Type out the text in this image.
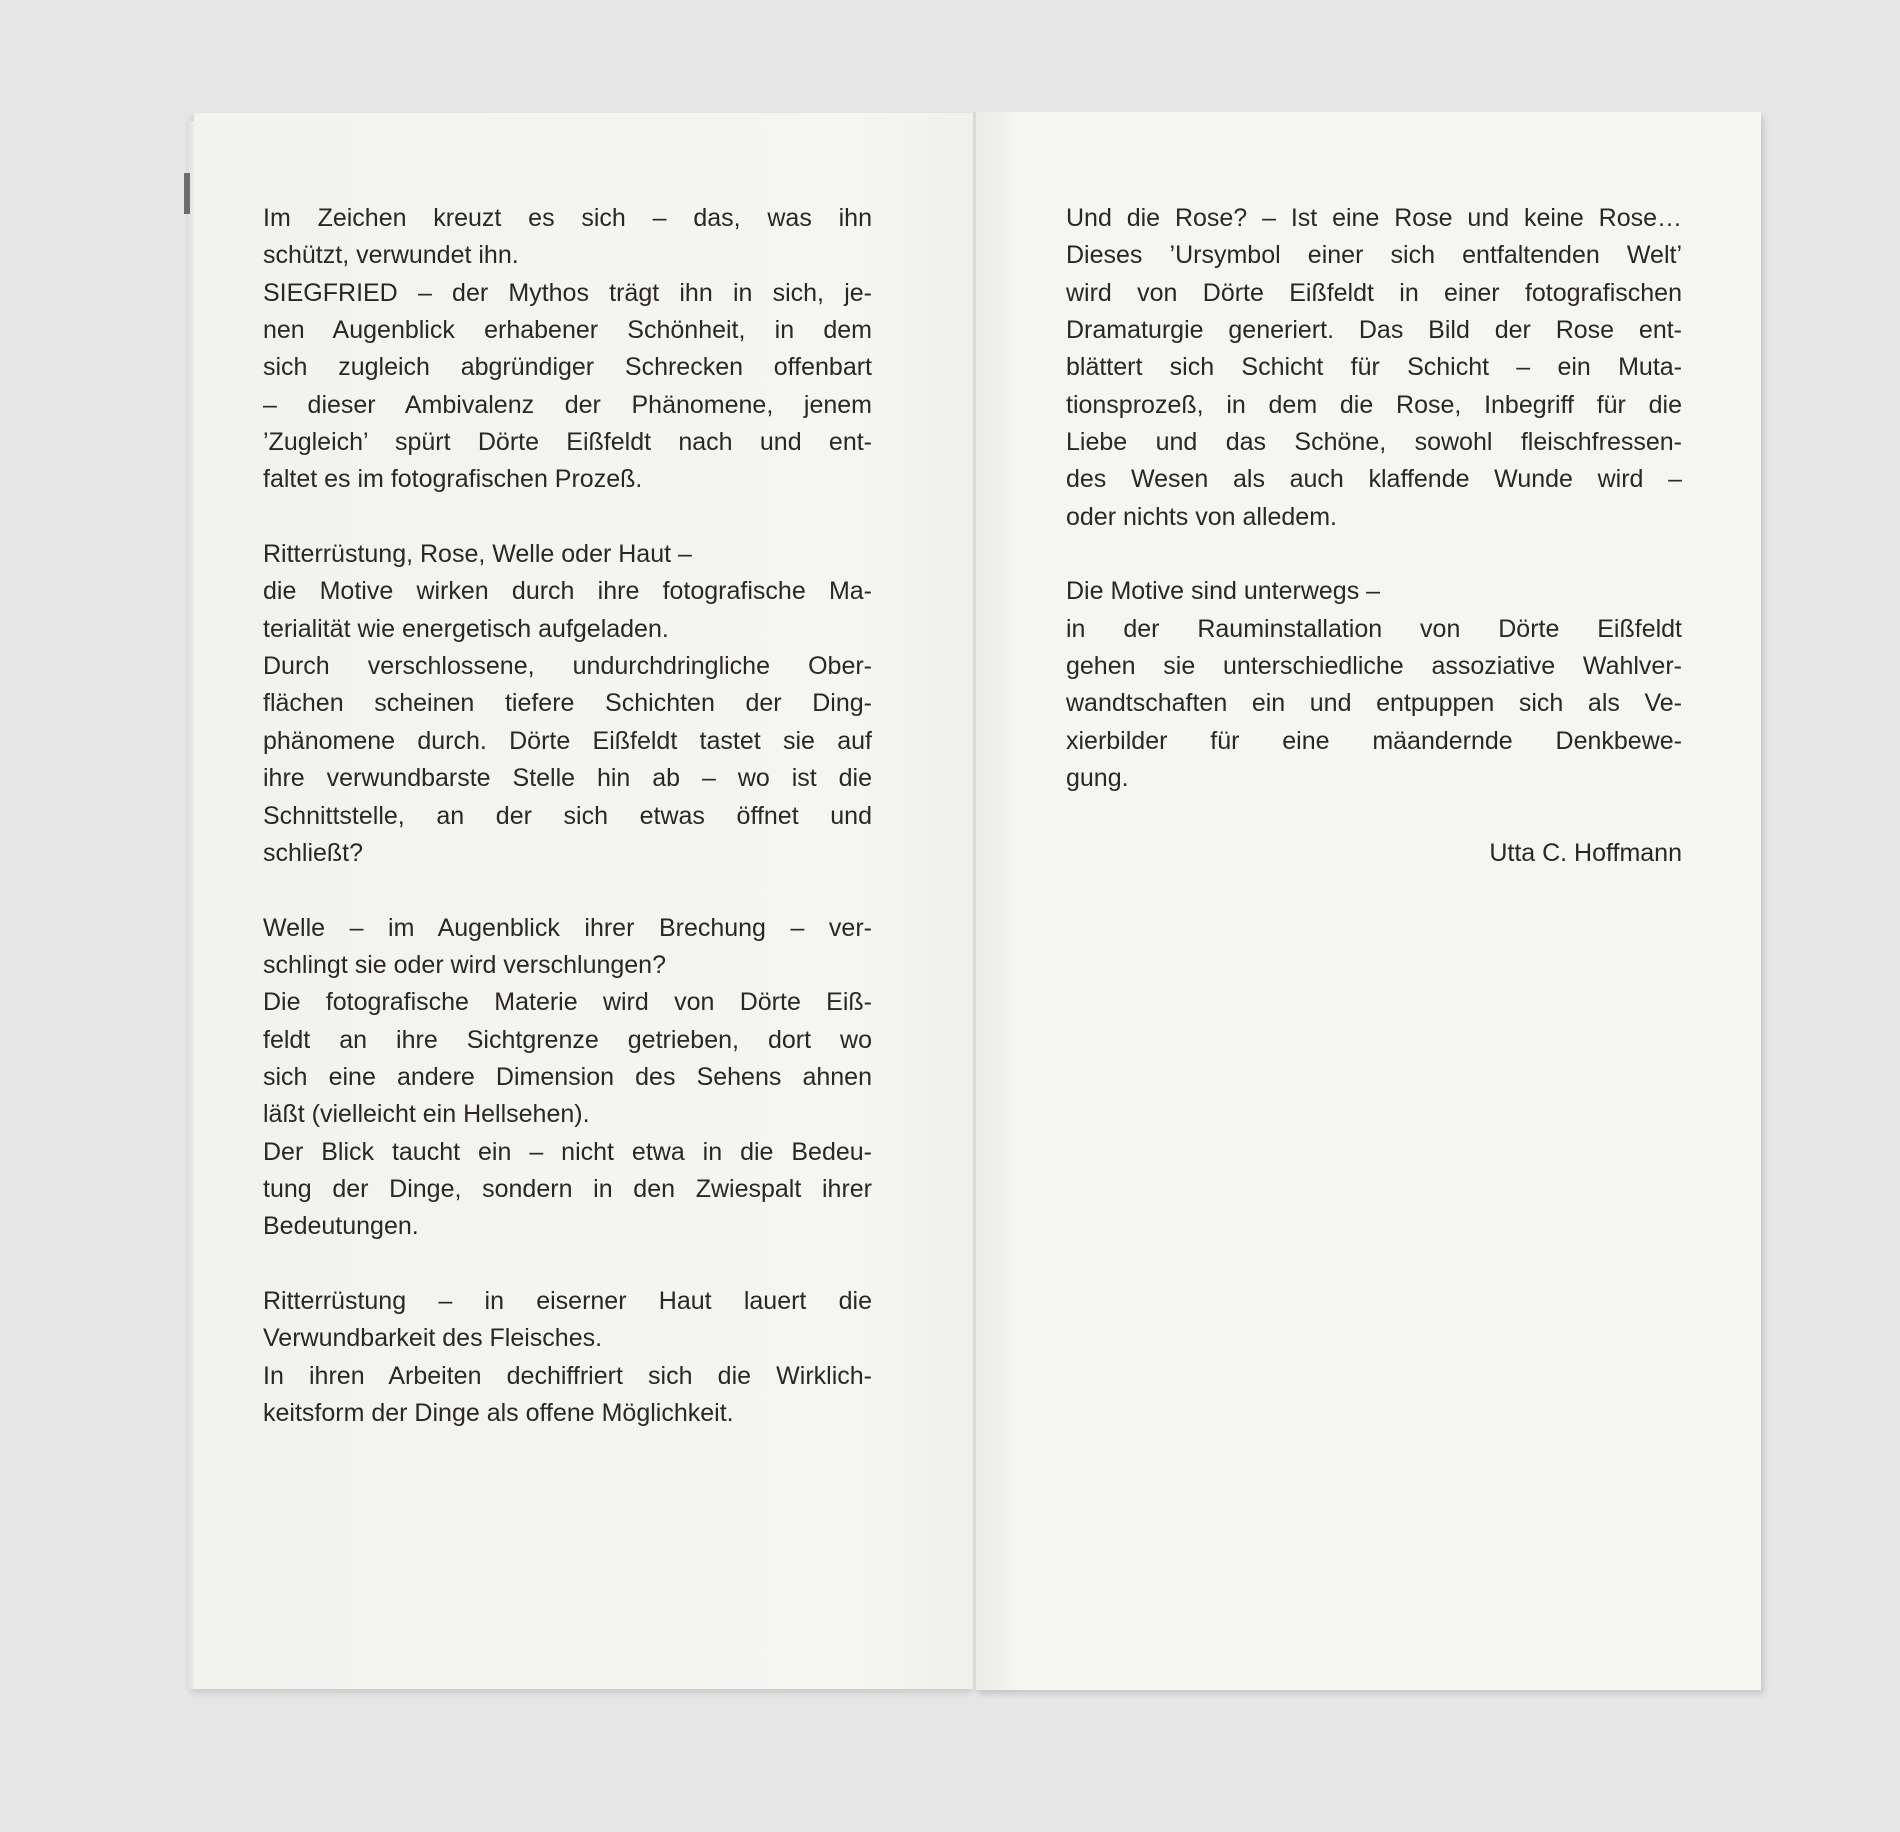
Im Zeichen kreuzt es sich – das, was ihn
schützt, verwundet ihn.
SIEGFRIED – der Mythos trägt ihn in sich, je-
nen Augenblick erhabener Schönheit, in dem
sich zugleich abgründiger Schrecken offenbart
– dieser Ambivalenz der Phänomene, jenem
’Zugleich’ spürt Dörte Eißfeldt nach und ent-
faltet es im fotografischen Prozeß.
Ritterrüstung, Rose, Welle oder Haut –
die Motive wirken durch ihre fotografische Ma-
terialität wie energetisch aufgeladen.
Durch verschlossene, undurchdringliche Ober-
flächen scheinen tiefere Schichten der Ding-
phänomene durch. Dörte Eißfeldt tastet sie auf
ihre verwundbarste Stelle hin ab – wo ist die
Schnittstelle, an der sich etwas öffnet und
schließt?
Welle – im Augenblick ihrer Brechung – ver-
schlingt sie oder wird verschlungen?
Die fotografische Materie wird von Dörte Eiß-
feldt an ihre Sichtgrenze getrieben, dort wo
sich eine andere Dimension des Sehens ahnen
läßt (vielleicht ein Hellsehen).
Der Blick taucht ein – nicht etwa in die Bedeu-
tung der Dinge, sondern in den Zwiespalt ihrer
Bedeutungen.
Ritterrüstung – in eiserner Haut lauert die
Verwundbarkeit des Fleisches.
In ihren Arbeiten dechiffriert sich die Wirklich-
keitsform der Dinge als offene Möglichkeit.
Und die Rose? – Ist eine Rose und keine Rose…
Dieses ’Ursymbol einer sich entfaltenden Welt’
wird von Dörte Eißfeldt in einer fotografischen
Dramaturgie generiert. Das Bild der Rose ent-
blättert sich Schicht für Schicht – ein Muta-
tionsprozeß, in dem die Rose, Inbegriff für die
Liebe und das Schöne, sowohl fleischfressen-
des Wesen als auch klaffende Wunde wird –
oder nichts von alledem.
Die Motive sind unterwegs –
in der Rauminstallation von Dörte Eißfeldt
gehen sie unterschiedliche assoziative Wahlver-
wandtschaften ein und entpuppen sich als Ve-
xierbilder für eine mäandernde Denkbewe-
gung.
Utta C. Hoffmann
